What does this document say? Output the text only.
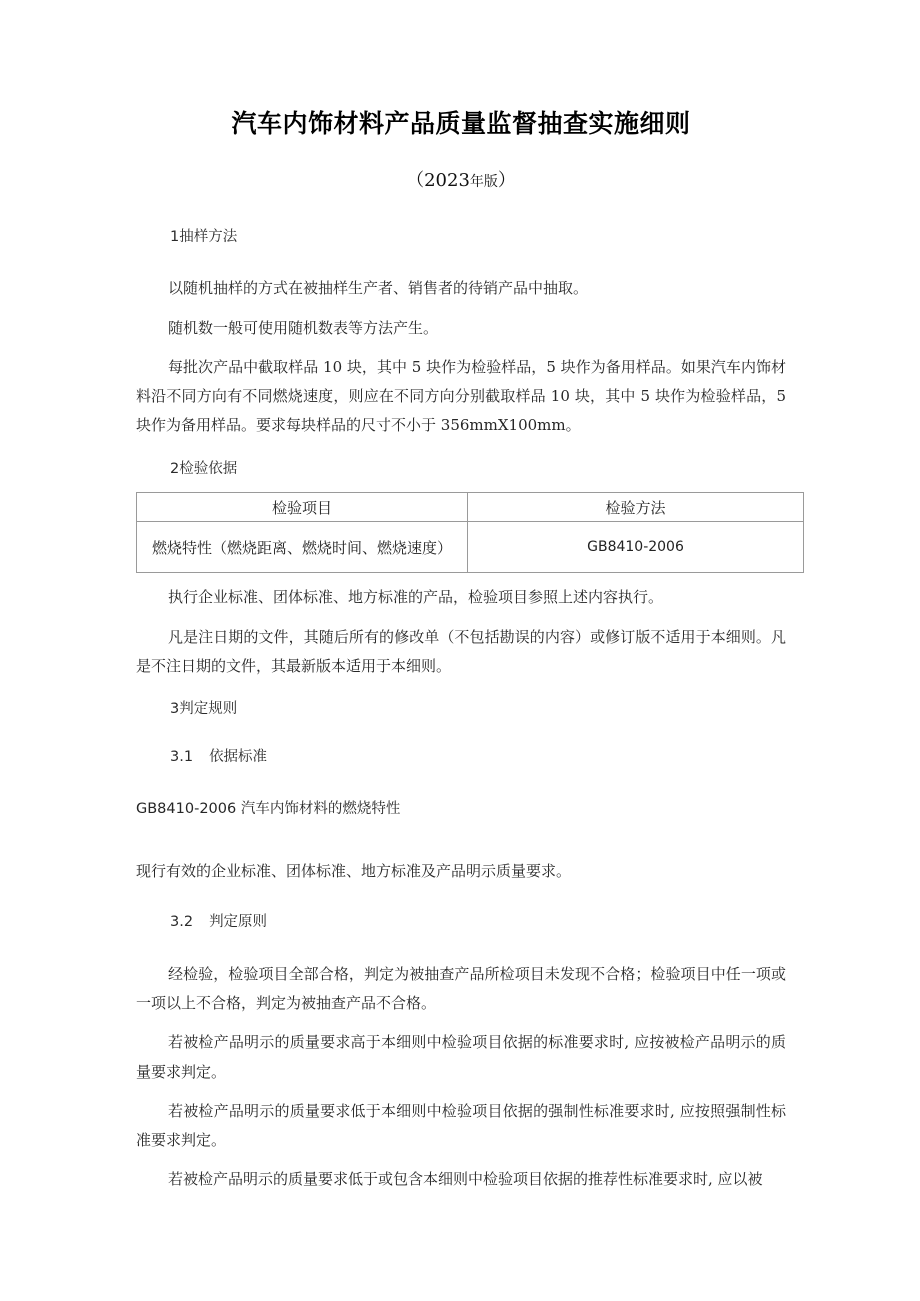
汽车内饰材料产品质量监督抽查实施细则
（2023年版）
1抽样方法

以随机抽样的方式在被抽样生产者、销售者的待销产品中抽取。

随机数一般可使用随机数表等方法产生。

每批次产品中截取样品 10 块，其中 5 块作为检验样品，5 块作为备用样品。如果汽车内饰材料沿不同方向有不同燃烧速度，则应在不同方向分别截取样品 10 块，其中 5 块作为检验样品，5 块作为备用样品。要求每块样品的尺寸不小于 356mmX100mm。

2检验依据
检验项目	检验方法
燃烧特性（燃烧距离、燃烧时间、燃烧速度）	GB8410-2006

执行企业标准、团体标准、地方标准的产品，检验项目参照上述内容执行。

凡是注日期的文件，其随后所有的修改单（不包括勘误的内容）或修订版不适用于本细则。凡是不注日期的文件，其最新版本适用于本细则。

3判定规则
3.1 依据标准

GB8410-2006 汽车内饰材料的燃烧特性

现行有效的企业标准、团体标准、地方标准及产品明示质量要求。

3.2 判定原则

经检验，检验项目全部合格，判定为被抽查产品所检项目未发现不合格；检验项目中任一项或一项以上不合格，判定为被抽查产品不合格。

若被检产品明示的质量要求高于本细则中检验项目依据的标准要求时, 应按被检产品明示的质量要求判定。

若被检产品明示的质量要求低于本细则中检验项目依据的强制性标准要求时, 应按照强制性标准要求判定。

若被检产品明示的质量要求低于或包含本细则中检验项目依据的推荐性标准要求时, 应以被
